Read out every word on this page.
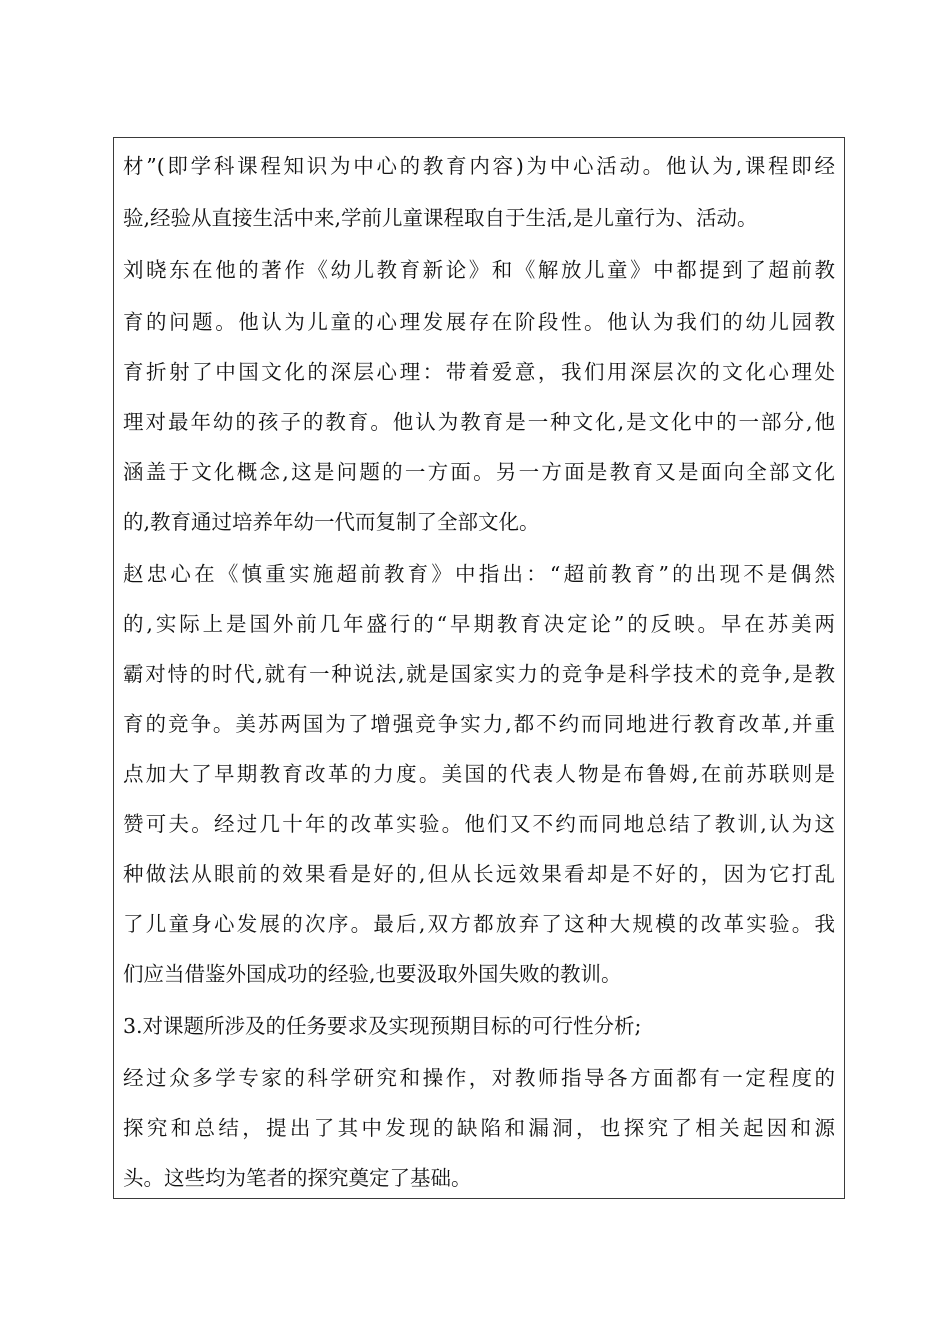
材”(即学科课程知识为中心的教育内容)为中心活动。他认为,课程即经
验,经验从直接生活中来,学前儿童课程取自于生活,是儿童行为、活动。
刘晓东在他的著作《幼儿教育新论》和《解放儿童》中都提到了超前教
育的问题。他认为儿童的心理发展存在阶段性。他认为我们的幼儿园教
育折射了中国文化的深层心理：带着爱意，我们用深层次的文化心理处
理对最年幼的孩子的教育。他认为教育是一种文化,是文化中的一部分,他
涵盖于文化概念,这是问题的一方面。另一方面是教育又是面向全部文化
的,教育通过培养年幼一代而复制了全部文化。
赵忠心在《慎重实施超前教育》中指出：“超前教育”的出现不是偶然
的,实际上是国外前几年盛行的“早期教育决定论”的反映。早在苏美两
霸对恃的时代,就有一种说法,就是国家实力的竞争是科学技术的竞争,是教
育的竞争。美苏两国为了增强竞争实力,都不约而同地进行教育改革,并重
点加大了早期教育改革的力度。美国的代表人物是布鲁姆,在前苏联则是
赞可夫。经过几十年的改革实验。他们又不约而同地总结了教训,认为这
种做法从眼前的效果看是好的,但从长远效果看却是不好的，因为它打乱
了儿童身心发展的次序。最后,双方都放弃了这种大规模的改革实验。我
们应当借鉴外国成功的经验,也要汲取外国失败的教训。
3.对课题所涉及的任务要求及实现预期目标的可行性分析;
经过众多学专家的科学研究和操作，对教师指导各方面都有一定程度的
探究和总结，提出了其中发现的缺陷和漏洞，也探究了相关起因和源
头。这些均为笔者的探究奠定了基础。
